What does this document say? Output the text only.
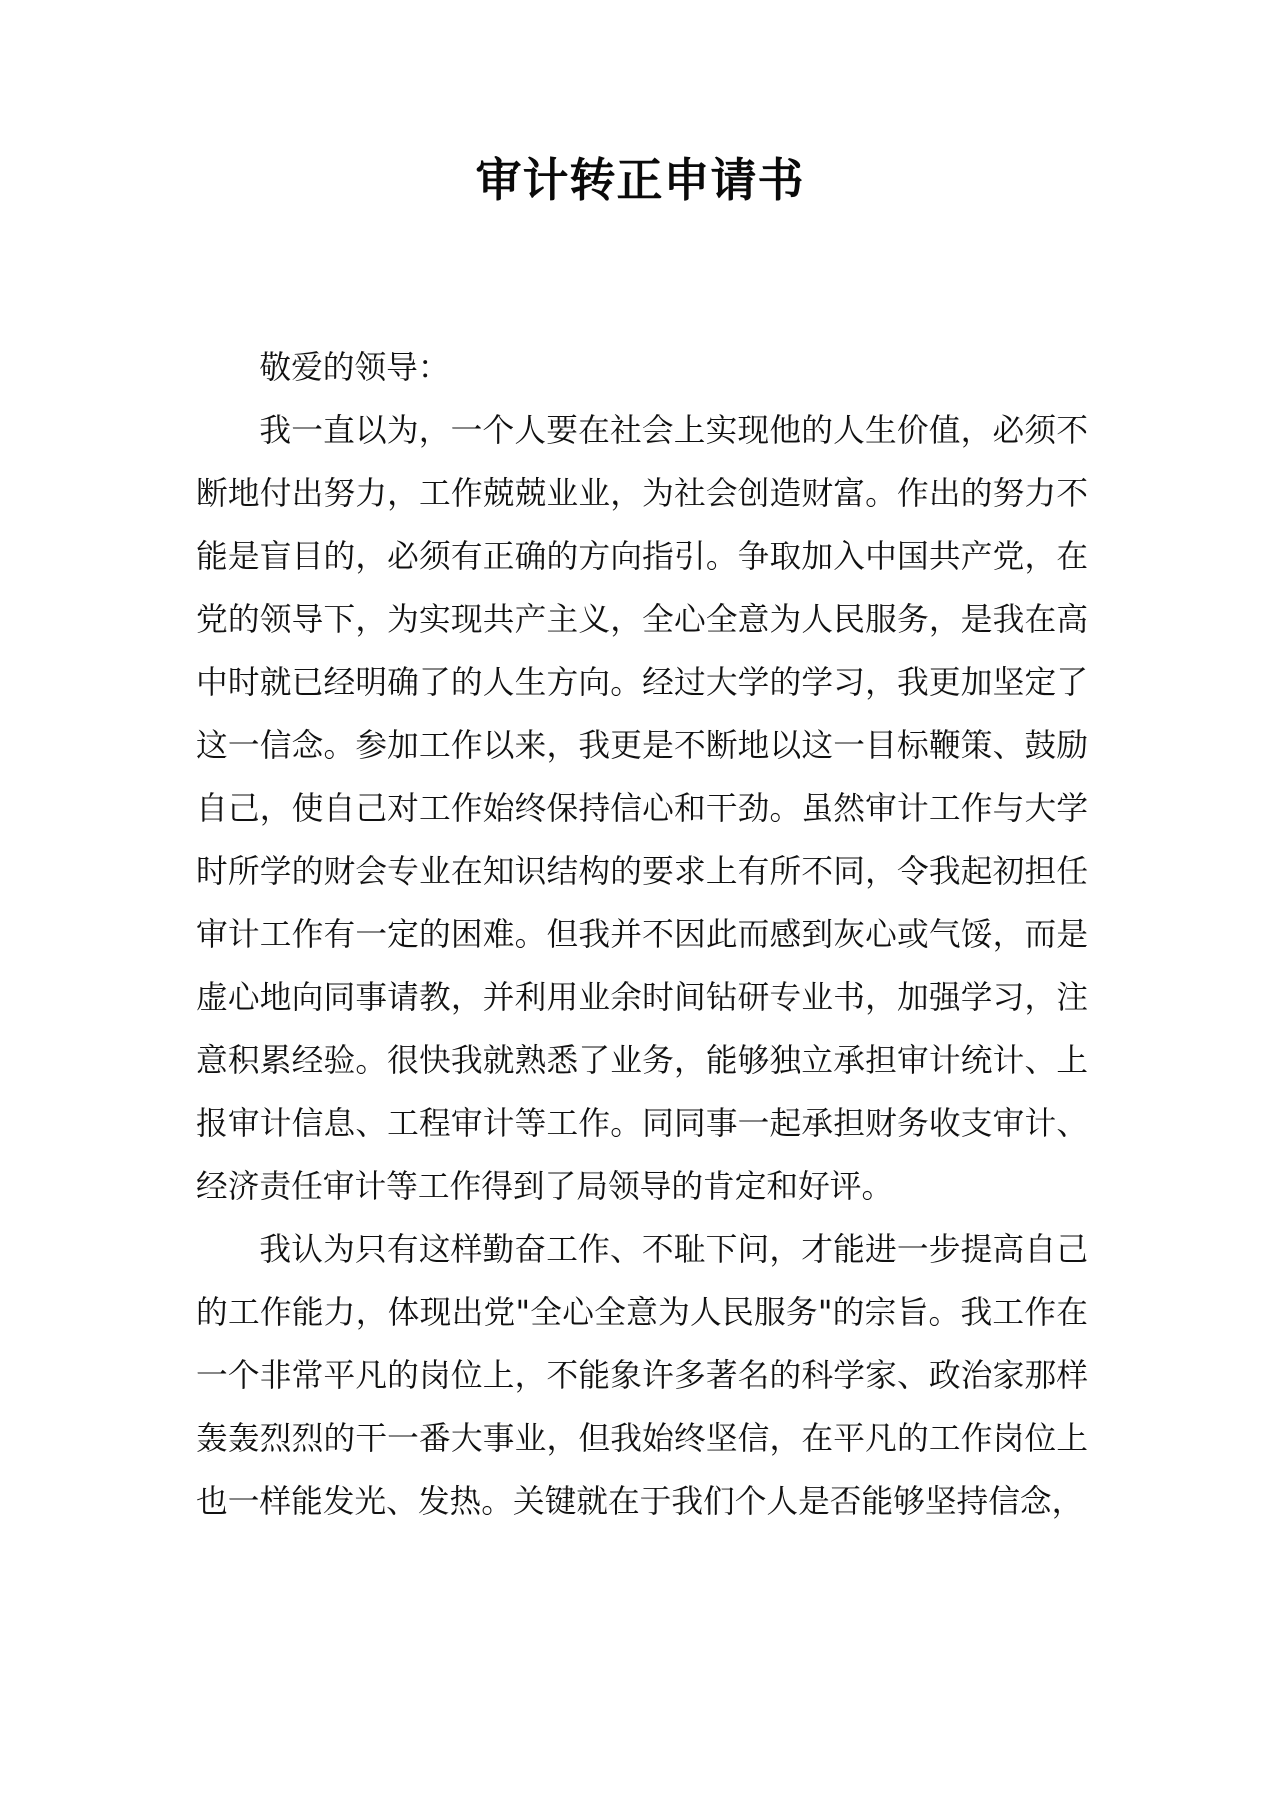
审计转正申请书

敬爱的领导：

我一直以为，一个人要在社会上实现他的人生价值，必须不断地付出努力，工作兢兢业业，为社会创造财富。作出的努力不能是盲目的，必须有正确的方向指引。争取加入中国共产党，在党的领导下，为实现共产主义，全心全意为人民服务，是我在高中时就已经明确了的人生方向。经过大学的学习，我更加坚定了这一信念。参加工作以来，我更是不断地以这一目标鞭策、鼓励自己，使自己对工作始终保持信心和干劲。虽然审计工作与大学时所学的财会专业在知识结构的要求上有所不同，令我起初担任审计工作有一定的困难。但我并不因此而感到灰心或气馁，而是虚心地向同事请教，并利用业余时间钻研专业书，加强学习，注意积累经验。很快我就熟悉了业务，能够独立承担审计统计、上报审计信息、工程审计等工作。同同事一起承担财务收支审计、经济责任审计等工作得到了局领导的肯定和好评。

我认为只有这样勤奋工作、不耻下问，才能进一步提高自己的工作能力，体现出党"全心全意为人民服务"的宗旨。我工作在一个非常平凡的岗位上，不能象许多著名的科学家、政治家那样轰轰烈烈的干一番大事业，但我始终坚信，在平凡的工作岗位上也一样能发光、发热。关键就在于我们个人是否能够坚持信念，
